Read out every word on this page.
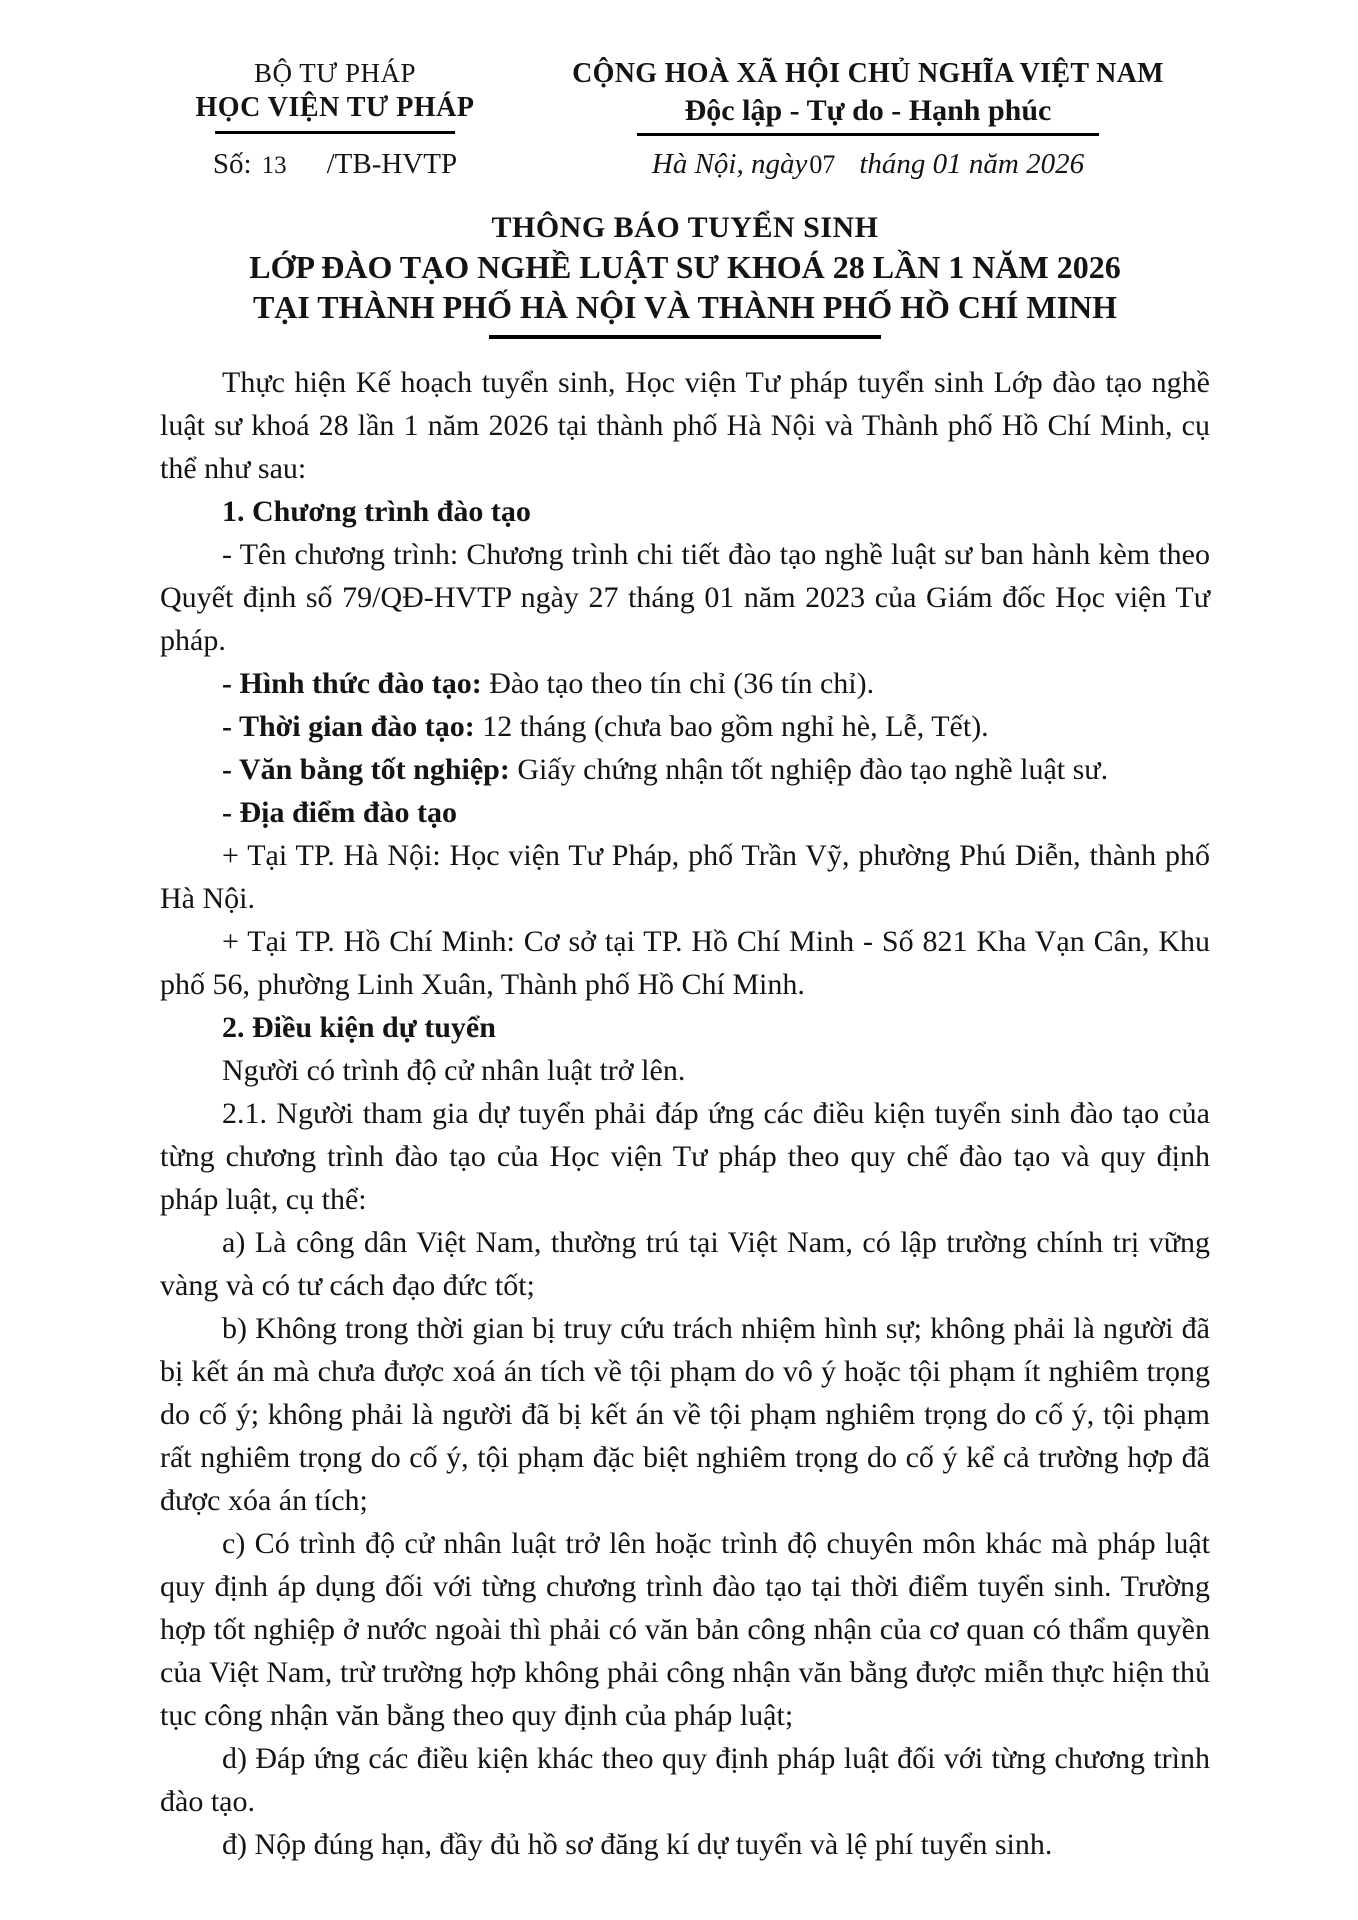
BỘ TƯ PHÁP
HỌC VIỆN TƯ PHÁP
Số: 13 /TB-HVTP
CỘNG HOÀ XÃ HỘI CHỦ NGHĨA VIỆT NAM
Độc lập - Tự do - Hạnh phúc
Hà Nội, ngày07 tháng 01 năm 2026
THÔNG BÁO TUYỂN SINH
LỚP ĐÀO TẠO NGHỀ LUẬT SƯ KHOÁ 28 LẦN 1 NĂM 2026
TẠI THÀNH PHỐ HÀ NỘI VÀ THÀNH PHỐ HỒ CHÍ MINH

Thực hiện Kế hoạch tuyển sinh, Học viện Tư pháp tuyển sinh Lớp đào tạo nghề luật sư khoá 28 lần 1 năm 2026 tại thành phố Hà Nội và Thành phố Hồ Chí Minh, cụ thể như sau:

1. Chương trình đào tạo

- Tên chương trình: Chương trình chi tiết đào tạo nghề luật sư ban hành kèm theo Quyết định số 79/QĐ-HVTP ngày 27 tháng 01 năm 2023 của Giám đốc Học viện Tư pháp.

- Hình thức đào tạo: Đào tạo theo tín chỉ (36 tín chỉ).

- Thời gian đào tạo: 12 tháng (chưa bao gồm nghỉ hè, Lễ, Tết).

- Văn bằng tốt nghiệp: Giấy chứng nhận tốt nghiệp đào tạo nghề luật sư.

- Địa điểm đào tạo

+ Tại TP. Hà Nội: Học viện Tư Pháp, phố Trần Vỹ, phường Phú Diễn, thành phố Hà Nội.

+ Tại TP. Hồ Chí Minh: Cơ sở tại TP. Hồ Chí Minh - Số 821 Kha Vạn Cân, Khu phố 56, phường Linh Xuân, Thành phố Hồ Chí Minh.

2. Điều kiện dự tuyển

Người có trình độ cử nhân luật trở lên.

2.1. Người tham gia dự tuyển phải đáp ứng các điều kiện tuyển sinh đào tạo của từng chương trình đào tạo của Học viện Tư pháp theo quy chế đào tạo và quy định pháp luật, cụ thể:

a) Là công dân Việt Nam, thường trú tại Việt Nam, có lập trường chính trị vững vàng và có tư cách đạo đức tốt;

b) Không trong thời gian bị truy cứu trách nhiệm hình sự; không phải là người đã bị kết án mà chưa được xoá án tích về tội phạm do vô ý hoặc tội phạm ít nghiêm trọng do cố ý; không phải là người đã bị kết án về tội phạm nghiêm trọng do cố ý, tội phạm rất nghiêm trọng do cố ý, tội phạm đặc biệt nghiêm trọng do cố ý kể cả trường hợp đã được xóa án tích;

c) Có trình độ cử nhân luật trở lên hoặc trình độ chuyên môn khác mà pháp luật quy định áp dụng đối với từng chương trình đào tạo tại thời điểm tuyển sinh. Trường hợp tốt nghiệp ở nước ngoài thì phải có văn bản công nhận của cơ quan có thẩm quyền của Việt Nam, trừ trường hợp không phải công nhận văn bằng được miễn thực hiện thủ tục công nhận văn bằng theo quy định của pháp luật;

d) Đáp ứng các điều kiện khác theo quy định pháp luật đối với từng chương trình đào tạo.

đ) Nộp đúng hạn, đầy đủ hồ sơ đăng kí dự tuyển và lệ phí tuyển sinh.
